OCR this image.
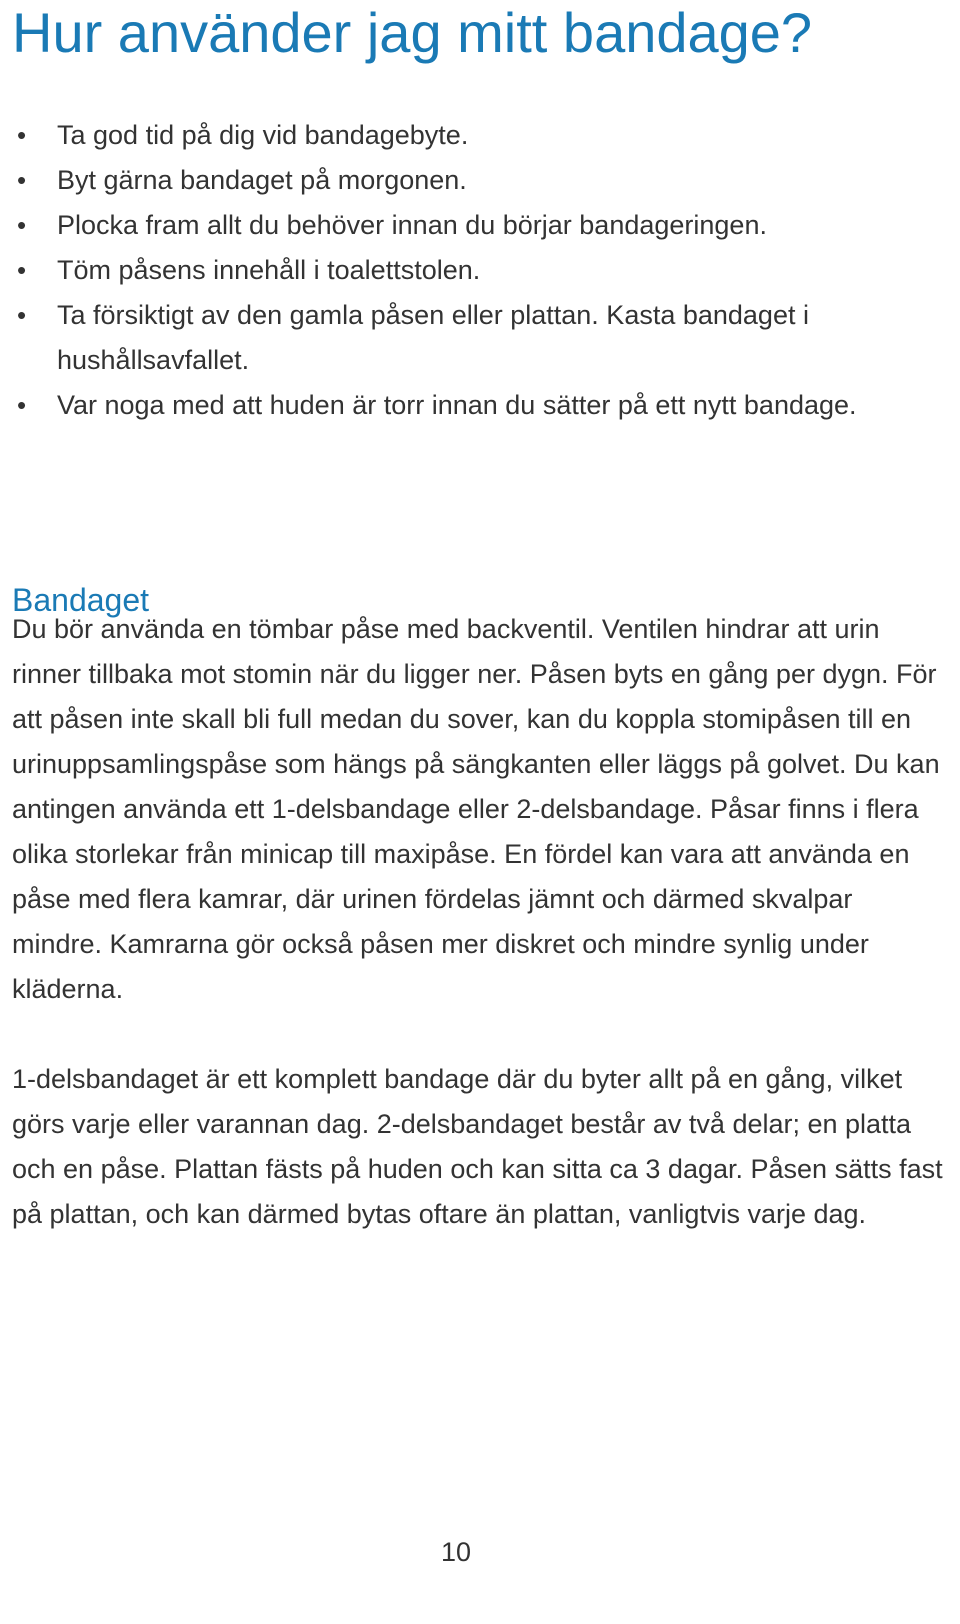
Hur använder jag mitt bandage?
• Ta god tid på dig vid bandagebyte.
• Byt gärna bandaget på morgonen.
• Plocka fram allt du behöver innan du börjar bandageringen.
• Töm påsens innehåll i toalettstolen.
• Ta försiktigt av den gamla påsen eller plattan. Kasta bandaget i hushållsavfallet.
• Var noga med att huden är torr innan du sätter på ett nytt bandage.
Bandaget

Du bör använda en tömbar påse med backventil. Ventilen hindrar att urin rinner tillbaka mot stomin när du ligger ner. Påsen byts en gång per dygn. För att påsen inte skall bli full medan du sover, kan du koppla stomipåsen till en urinuppsamlingspåse som hängs på sängkanten eller läggs på golvet. Du kan antingen använda ett 1-delsbandage eller 2-delsbandage. Påsar finns i flera olika storlekar från minicap till maxipåse. En fördel kan vara att använda en påse med flera kamrar, där urinen fördelas jämnt och därmed skvalpar mindre. Kamrarna gör också påsen mer diskret och mindre synlig under kläderna.

1-delsbandaget är ett komplett bandage där du byter allt på en gång, vilket görs varje eller varannan dag. 2-delsbandaget består av två delar; en platta och en påse. Plattan fästs på huden och kan sitta ca 3 dagar. Påsen sätts fast på plattan, och kan därmed bytas oftare än plattan, vanligtvis varje dag.

10
